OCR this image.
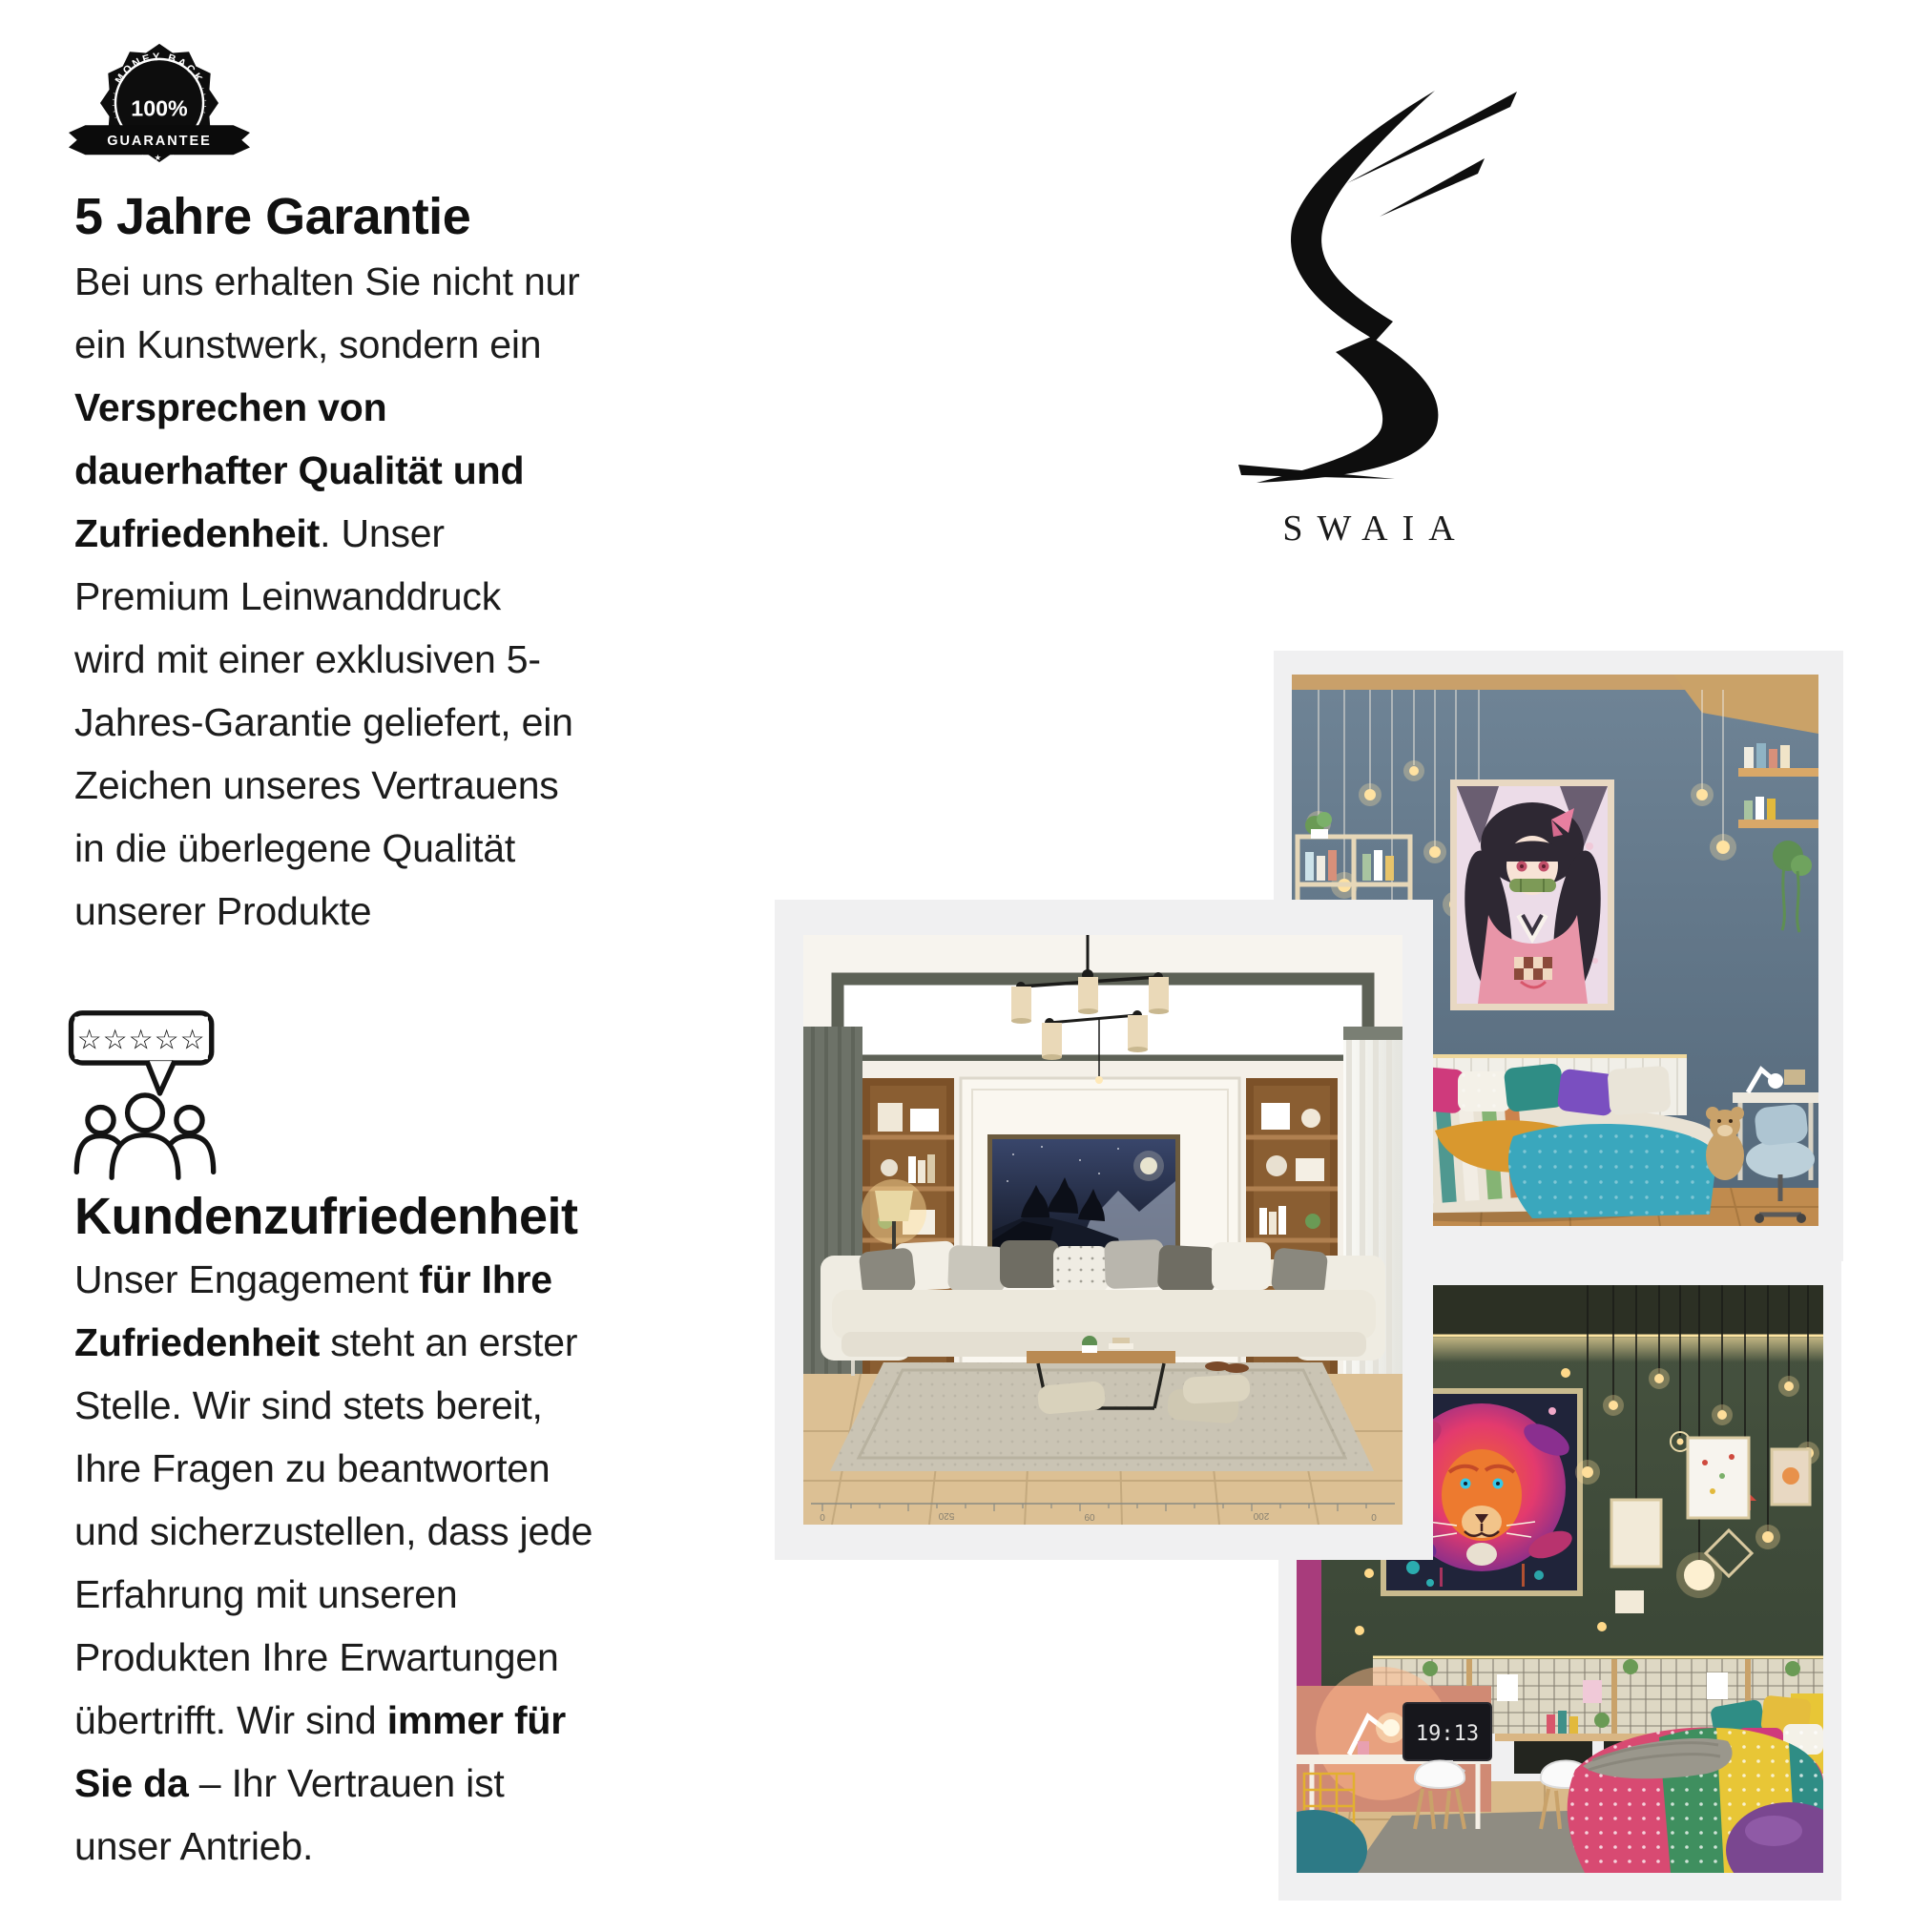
MONEY BACK
100%
GUARANTEE
★ ★ ★
5 Jahre Garantie
Bei uns erhalten Sie nicht nur
ein Kunstwerk, sondern ein
Versprechen von
dauerhafter Qualität und
Zufriedenheit. Unser
Premium Leinwanddruck
wird mit einer exklusiven 5-
Jahres-Garantie geliefert, ein
Zeichen unseres Vertrauens
in die überlegene Qualität
unserer Produkte
☆☆☆☆☆
Kundenzufriedenheit
Unser Engagement für Ihre
Zufriedenheit steht an erster
Stelle. Wir sind stets bereit,
Ihre Fragen zu beantworten
und sicherzustellen, dass jede
Erfahrung mit unseren
Produkten Ihre Erwartungen
übertrifft. Wir sind immer für
Sie da – Ihr Vertrauen ist
unser Antrieb.
SWAIA
19:13
0	520	60	200	0
